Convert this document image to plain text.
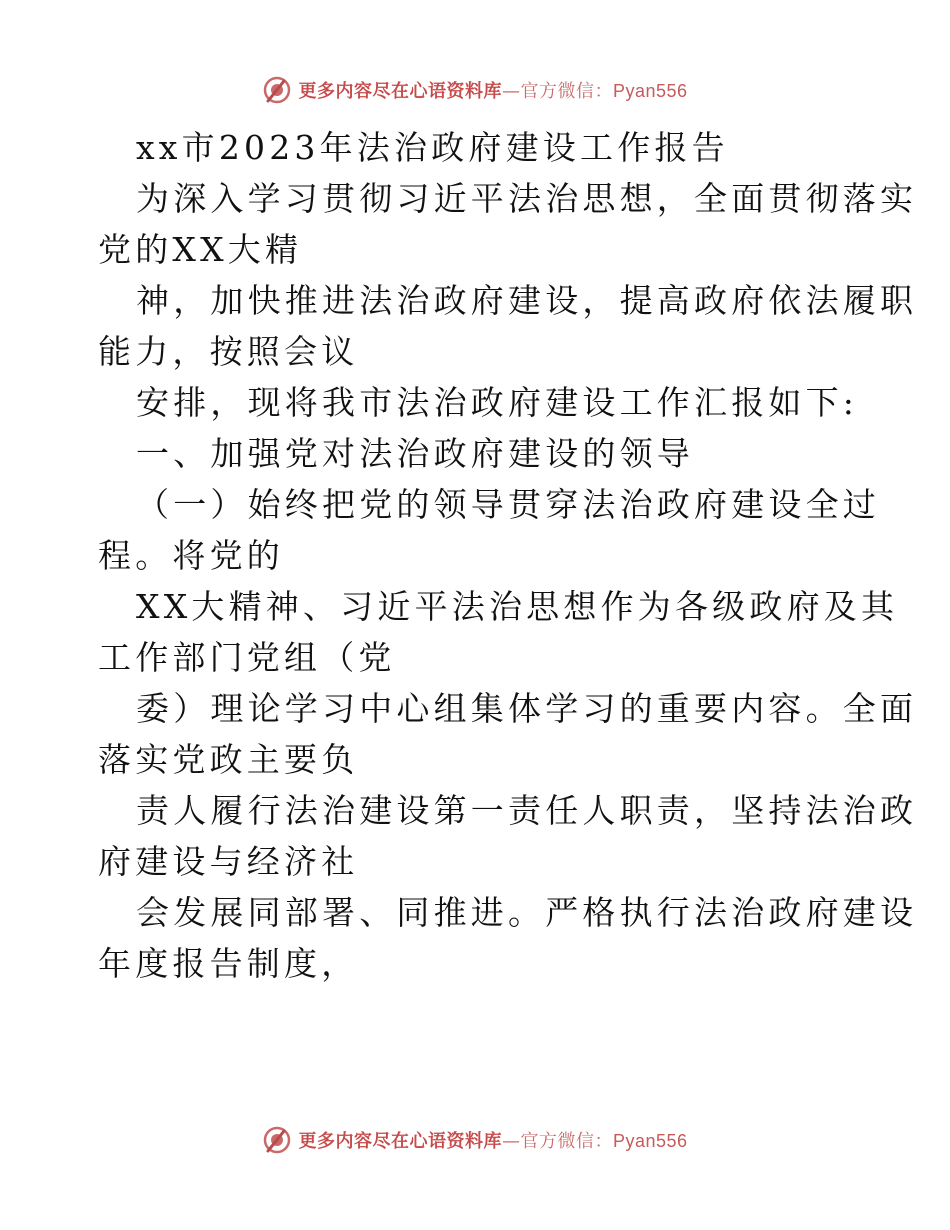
更多内容尽在心语资料库—官方微信：Pyan556
xx市2023年法治政府建设工作报告
为深入学习贯彻习近平法治思想，全面贯彻落实
党的XX大精
神，加快推进法治政府建设，提高政府依法履职
能力，按照会议
安排，现将我市法治政府建设工作汇报如下:
一、加强党对法治政府建设的领导
（一）始终把党的领导贯穿法治政府建设全过
程。将党的
XX大精神、习近平法治思想作为各级政府及其
工作部门党组（党
委）理论学习中心组集体学习的重要内容。全面
落实党政主要负
责人履行法治建设第一责任人职责，坚持法治政
府建设与经济社
会发展同部署、同推进。严格执行法治政府建设
年度报告制度，
更多内容尽在心语资料库—官方微信：Pyan556
